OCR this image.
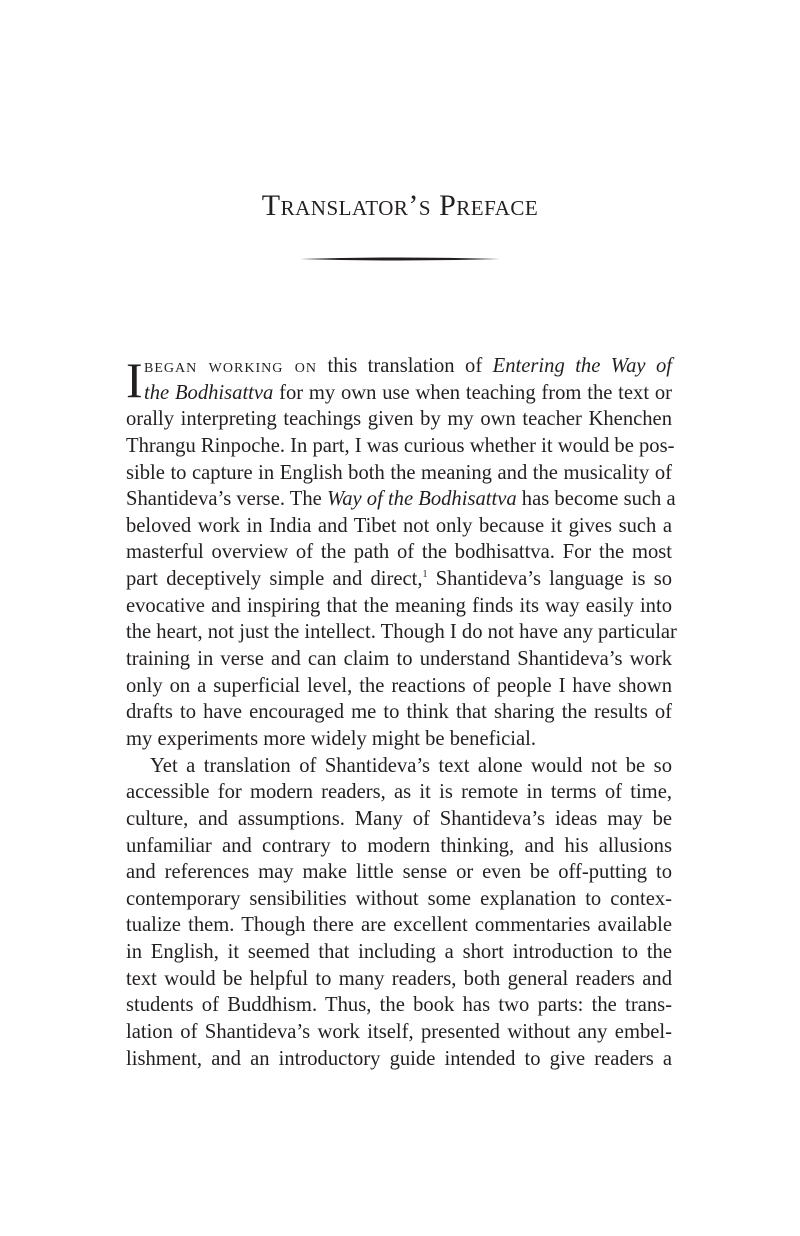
Translator’s Preface
I began working on this translation of Entering the Way of
the Bodhisattva for my own use when teaching from the text or
orally interpreting teachings given by my own teacher Khenchen
Thrangu Rinpoche. In part, I was curious whether it would be pos-
sible to capture in English both the meaning and the musicality of
Shantideva’s verse. The Way of the Bodhisattva has become such a
beloved work in India and Tibet not only because it gives such a
masterful overview of the path of the bodhisattva. For the most
part deceptively simple and direct,$^1$ Shantideva’s language is so
evocative and inspiring that the meaning finds its way easily into
the heart, not just the intellect. Though I do not have any particular
training in verse and can claim to understand Shantideva’s work
only on a superficial level, the reactions of people I have shown
drafts to have encouraged me to think that sharing the results of
my experiments more widely might be beneficial.
Yet a translation of Shantideva’s text alone would not be so
accessible for modern readers, as it is remote in terms of time,
culture, and assumptions. Many of Shantideva’s ideas may be
unfamiliar and contrary to modern thinking, and his allusions
and references may make little sense or even be off-putting to
contemporary sensibilities without some explanation to contex-
tualize them. Though there are excellent commentaries available
in English, it seemed that including a short introduction to the
text would be helpful to many readers, both general readers and
students of Buddhism. Thus, the book has two parts: the trans-
lation of Shantideva’s work itself, presented without any embel-
lishment, and an introductory guide intended to give readers a
